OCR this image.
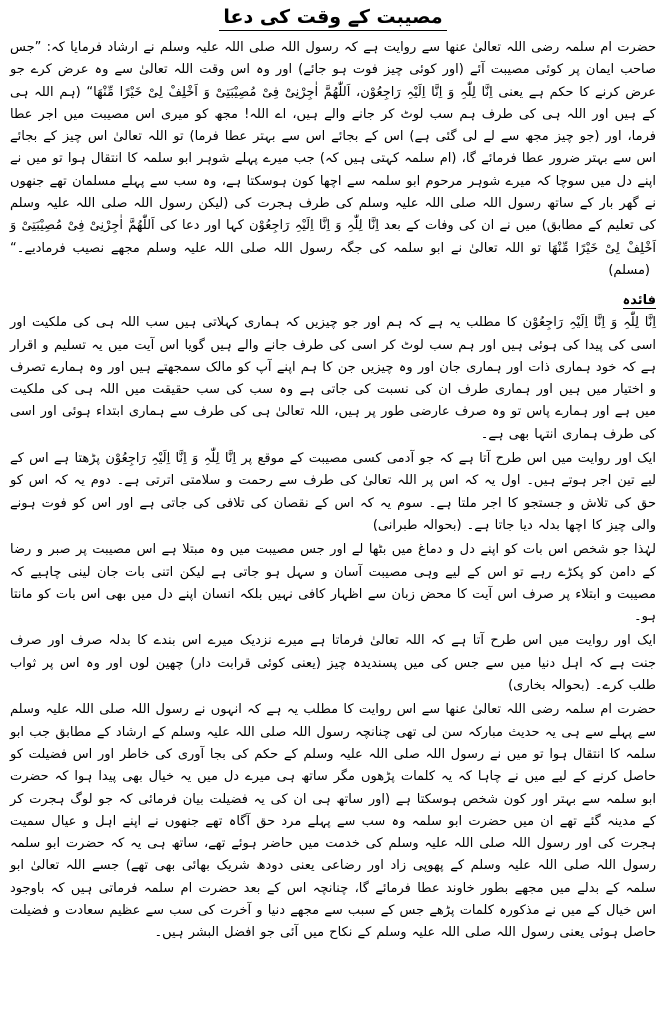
مصیبت کے وقت کی دعا

حضرت ام سلمہ رضی اللہ تعالیٰ عنھا سے روایت ہے کہ رسول اللہ صلی اللہ علیہ وسلم نے ارشاد فرمایا کہ: ”جس صاحب ایمان پر کوئی مصیبت آئے (اور کوئی چیز فوت ہو جائے) اور وہ اس وقت اللہ تعالیٰ سے وہ عرض کرے جو عرض کرنے کا حکم ہے یعنی اِنَّا لِلّٰہِ وَ اِنَّا اِلَیْہِ رَاجِعُوْن، اَللّٰھُمَّ اٰجِرْنِیْ فِیْ مُصِیْبَتِیْ وَ اَخْلِفْ لِیْ خَیْرًا مِّنْھَا“ (ہم اللہ ہی کے ہیں اور اللہ ہی کی طرف ہم سب لوٹ کر جانے والے ہیں، اے اللہ! مجھ کو میری اس مصیبت میں اجر عطا فرما، اور (جو چیز مجھ سے لے لی گئی ہے) اس کے بجائے اس سے بہتر عطا فرما) تو اللہ تعالیٰ اس چیز کے بجائے اس سے بہتر ضرور عطا فرمائے گا، (ام سلمہ کہتی ہیں کہ) جب میرے پہلے شوہر ابو سلمہ کا انتقال ہوا تو میں نے اپنے دل میں سوچا کہ میرے شوہر مرحوم ابو سلمہ سے اچھا کون ہوسکتا ہے، وہ سب سے پہلے مسلمان تھے جنھوں نے گھر بار کے ساتھ رسول اللہ صلی اللہ علیہ وسلم کی طرف ہجرت کی (لیکن رسول اللہ صلی اللہ علیہ وسلم کی تعلیم کے مطابق) میں نے ان کی وفات کے بعد اِنَّا لِلّٰہِ وَ اِنَّا اِلَیْہِ رَاجِعُوْن کہا اور دعا کی اَللّٰھُمَّ اٰجِرْنِیْ فِیْ مُصِیْبَتِیْ وَ اَخْلِفْ لِیْ خَیْرًا مِّنْھَا تو اللہ تعالیٰ نے ابو سلمہ کی جگہ رسول اللہ صلی اللہ علیہ وسلم مجھے نصیب فرمادیے۔“ (مسلم)

فائدہ

اِنَّا لِلّٰہِ وَ اِنَّا اِلَیْہِ رَاجِعُوْن کا مطلب یہ ہے کہ ہم اور جو چیزیں کہ ہماری کہلاتی ہیں سب اللہ ہی کی ملکیت اور اسی کی پیدا کی ہوئی ہیں اور ہم سب لوٹ کر اسی کی طرف جانے والے ہیں گویا اس آیت میں یہ تسلیم و اقرار ہے کہ خود ہماری ذات اور ہماری جان اور وہ چیزیں جن کا ہم اپنے آپ کو مالک سمجھتے ہیں اور وہ ہمارے تصرف و اختیار میں ہیں اور ہماری طرف ان کی نسبت کی جاتی ہے وہ سب کی سب حقیقت میں اللہ ہی کی ملکیت میں ہے اور ہمارے پاس تو وہ صرف عارضی طور پر ہیں، اللہ تعالیٰ ہی کی طرف سے ہماری ابتداء ہوئی اور اسی کی طرف ہماری انتہا بھی ہے۔

ایک اور روایت میں اس طرح آتا ہے کہ جو آدمی کسی مصیبت کے موقع پر اِنَّا لِلّٰہِ وَ اِنَّا اِلَیْہِ رَاجِعُوْن پڑھتا ہے اس کے لیے تین اجر ہوتے ہیں۔ اول یہ کہ اس پر اللہ تعالیٰ کی طرف سے رحمت و سلامتی اترتی ہے۔ دوم یہ کہ اس کو حق کی تلاش و جستجو کا اجر ملتا ہے۔ سوم یہ کہ اس کے نقصان کی تلافی کی جاتی ہے اور اس کو فوت ہونے والی چیز کا اچھا بدلہ دیا جاتا ہے۔ (بحوالہ طبرانی)

لہٰذا جو شخص اس بات کو اپنے دل و دماغ میں بٹھا لے اور جس مصیبت میں وہ مبتلا ہے اس مصیبت پر صبر و رضا کے دامن کو پکڑے رہے تو اس کے لیے وہی مصیبت آسان و سہل ہو جاتی ہے لیکن اتنی بات جان لینی چاہیے کہ مصیبت و ابتلاء پر صرف اس آیت کا محض زبان سے اظہار کافی نہیں بلکہ انسان اپنے دل میں بھی اس بات کو مانتا ہو۔

ایک اور روایت میں اس طرح آتا ہے کہ اللہ تعالیٰ فرماتا ہے میرے نزدیک میرے اس بندے کا بدلہ صرف اور صرف جنت ہے کہ اہل دنیا میں سے جس کی میں پسندیدہ چیز (یعنی کوئی قرابت دار) چھین لوں اور وہ اس پر ثواب طلب کرے۔ (بحوالہ بخاری)

حضرت ام سلمہ رضی اللہ تعالیٰ عنھا سے اس روایت کا مطلب یہ ہے کہ انہوں نے رسول اللہ صلی اللہ علیہ وسلم سے پہلے سے ہی یہ حدیث مبارکہ سن لی تھی چنانچہ رسول اللہ صلی اللہ علیہ وسلم کے ارشاد کے مطابق جب ابو سلمہ کا انتقال ہوا تو میں نے رسول اللہ صلی اللہ علیہ وسلم کے حکم کی بجا آوری کی خاطر اور اس فضیلت کو حاصل کرنے کے لیے میں نے چاہا کہ یہ کلمات پڑھوں مگر ساتھ ہی میرے دل میں یہ خیال بھی پیدا ہوا کہ حضرت ابو سلمہ سے بہتر اور کون شخص ہوسکتا ہے (اور ساتھ ہی ان کی یہ فضیلت بیان فرمائی کہ جو لوگ ہجرت کر کے مدینہ گئے تھے ان میں حضرت ابو سلمہ وہ سب سے پہلے مرد حق آگاہ تھے جنھوں نے اپنے اہل و عیال سمیت ہجرت کی اور رسول اللہ صلی اللہ علیہ وسلم کی خدمت میں حاضر ہوئے تھے، ساتھ ہی یہ کہ حضرت ابو سلمہ رسول اللہ صلی اللہ علیہ وسلم کے پھوپی زاد اور رضاعی یعنی دودھ شریک بھائی بھی تھے) جسے اللہ تعالیٰ ابو سلمہ کے بدلے میں مجھے بطور خاوند عطا فرمائے گا، چنانچہ اس کے بعد حضرت ام سلمہ فرماتی ہیں کہ باوجود اس خیال کے میں نے مذکورہ کلمات پڑھے جس کے سبب سے مجھے دنیا و آخرت کی سب سے عظیم سعادت و فضیلت حاصل ہوئی یعنی رسول اللہ صلی اللہ علیہ وسلم کے نکاح میں آئی جو افضل البشر ہیں۔
